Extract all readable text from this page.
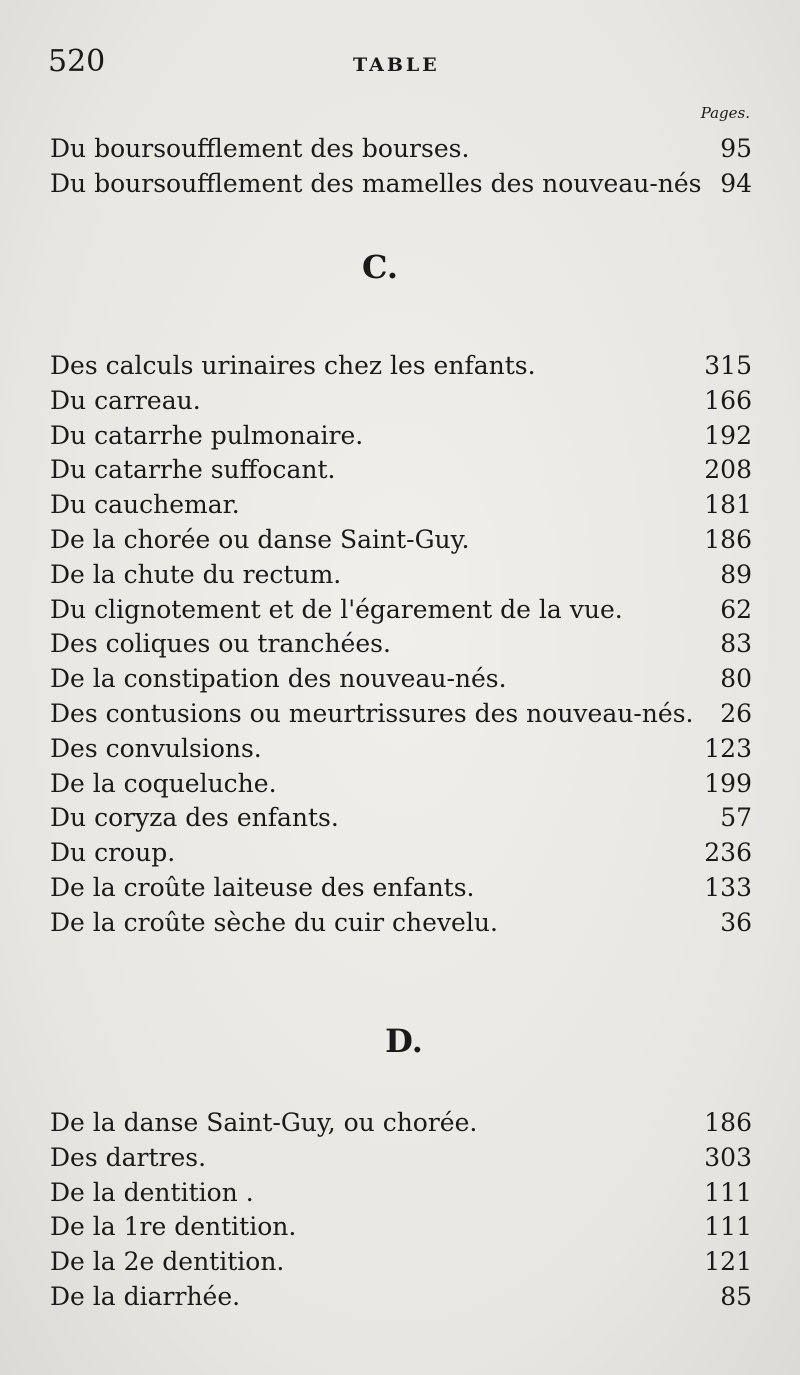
520	TABLE
Pages.
Du boursoufflement des bourses.	95
Du boursoufflement des mamelles des nouveau-nés 94
C.
Des calculs urinaires chez les enfants.	315
Du carreau.	166
Du catarrhe pulmonaire.	192
Du catarrhe suffocant.	208
Du cauchemar.	181
De la chorée ou danse Saint-Guy.	186
De la chute du rectum.	89
Du clignotement et de l'égarement de la vue.	62
Des coliques ou tranchées.	83
De la constipation des nouveau-nés.	80
Des contusions ou meurtrissures des nouveau-nés. 26
Des convulsions.	123
De la coqueluche.	199
Du coryza des enfants.	57
Du croup.	236
De la croûte laiteuse des enfants.	133
De la croûte sèche du cuir chevelu.	36
D.
De la danse Saint-Guy, ou chorée.	186
Des dartres.	303
De la dentition .	111
De la 1re dentition.	111
De la 2e dentition.	121
De la diarrhée.	85
